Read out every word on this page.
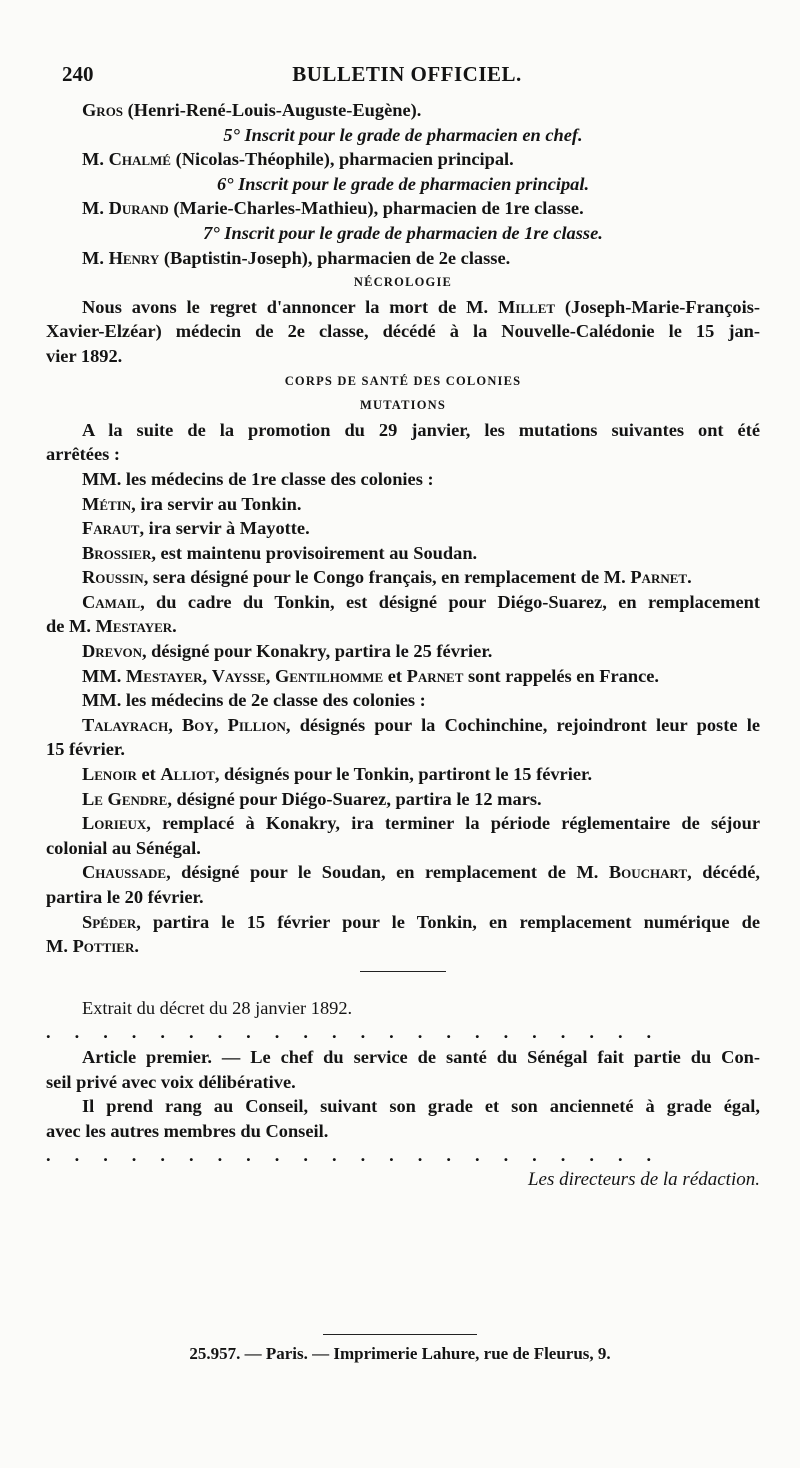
240	BULLETIN OFFICIEL.

Gros (Henri-René-Louis-Auguste-Eugène).

5° Inscrit pour le grade de pharmacien en chef.

M. Chalmé (Nicolas-Théophile), pharmacien principal.

6° Inscrit pour le grade de pharmacien principal.

M. Durand (Marie-Charles-Mathieu), pharmacien de 1re classe.

7° Inscrit pour le grade de pharmacien de 1re classe.

M. Henry (Baptistin-Joseph), pharmacien de 2e classe.

NÉCROLOGIE

Nous avons le regret d'annoncer la mort de M. Millet (Joseph-Marie-François-

Xavier-Elzéar) médecin de 2e classe, décédé à la Nouvelle-Calédonie le 15 jan-

vier 1892.

CORPS DE SANTÉ DES COLONIES

MUTATIONS

A la suite de la promotion du 29 janvier, les mutations suivantes ont été

arrêtées :

MM. les médecins de 1re classe des colonies :

Métin, ira servir au Tonkin.

Faraut, ira servir à Mayotte.

Brossier, est maintenu provisoirement au Soudan.

Roussin, sera désigné pour le Congo français, en remplacement de M. Parnet.

Camail, du cadre du Tonkin, est désigné pour Diégo-Suarez, en remplacement

de M. Mestayer.

Drevon, désigné pour Konakry, partira le 25 février.

MM. Mestayer, Vaysse, Gentilhomme et Parnet sont rappelés en France.

MM. les médecins de 2e classe des colonies :

Talayrach, Boy, Pillion, désignés pour la Cochinchine, rejoindront leur poste le

15 février.

Lenoir et Alliot, désignés pour le Tonkin, partiront le 15 février.

Le Gendre, désigné pour Diégo-Suarez, partira le 12 mars.

Lorieux, remplacé à Konakry, ira terminer la période réglementaire de séjour

colonial au Sénégal.

Chaussade, désigné pour le Soudan, en remplacement de M. Bouchart, décédé,

partira le 20 février.

Spéder, partira le 15 février pour le Tonkin, en remplacement numérique de

M. Pottier.

Extrait du décret du 28 janvier 1892.

......................

Article premier. — Le chef du service de santé du Sénégal fait partie du Con-

seil privé avec voix délibérative.

Il prend rang au Conseil, suivant son grade et son ancienneté à grade égal,

avec les autres membres du Conseil.

......................

Les directeurs de la rédaction.

25.957. — Paris. — Imprimerie Lahure, rue de Fleurus, 9.
